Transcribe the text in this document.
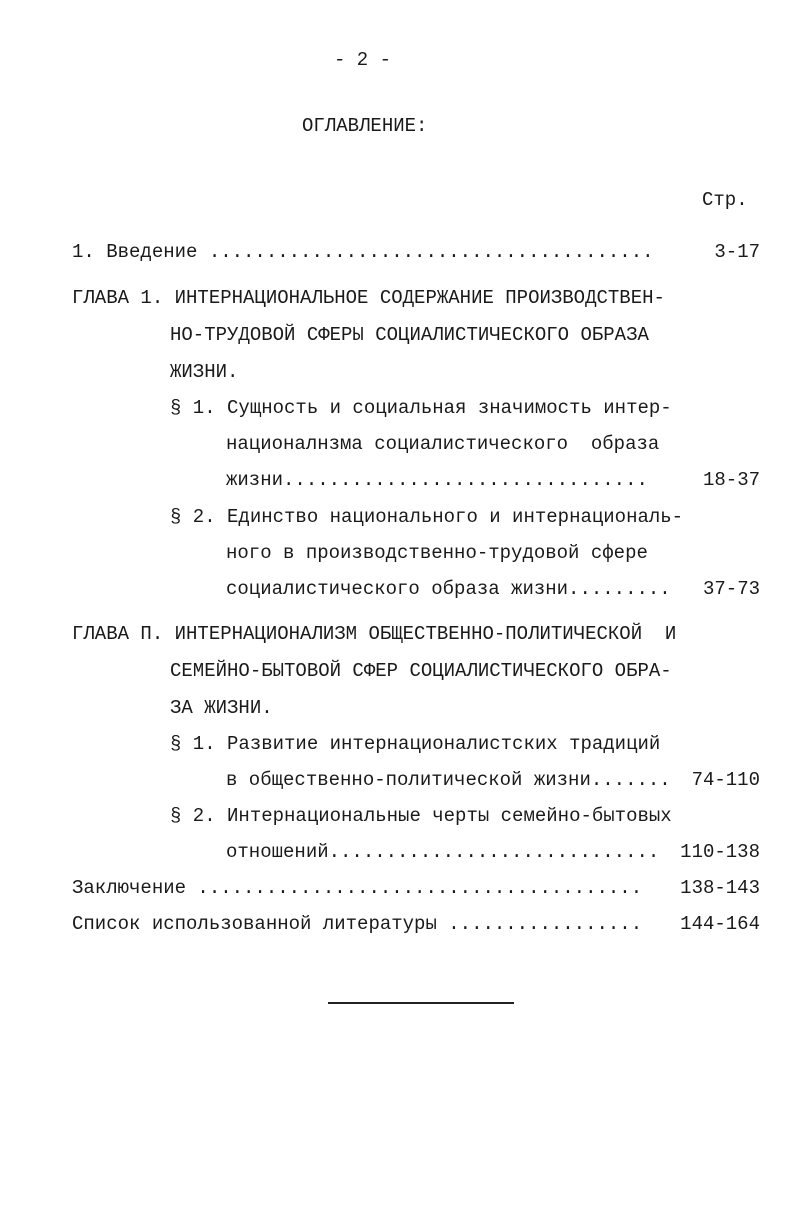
- 2 -
ОГЛАВЛЕНИЕ:
Стр.
1. Введение .......................................	3-17
ГЛАВА 1. ИНТЕРНАЦИОНАЛЬНОЕ СОДЕРЖАНИЕ ПРОИЗВОДСТВЕН-
НО-ТРУДОВОЙ СФЕРЫ СОЦИАЛИСТИЧЕСКОГО ОБРАЗА
ЖИЗНИ.
§ 1. Сущность и социальная значимость интер-
националнзма социалистического  образа
жизни................................	18-37
§ 2. Единство национального и интернациональ-
ного в производственно-трудовой сфере
социалистического образа жизни......... 37-73
ГЛАВА П. ИНТЕРНАЦИОНАЛИЗМ ОБЩЕСТВЕННО-ПОЛИТИЧЕСКОЙ  И
СЕМЕЙНО-БЫТОВОЙ СФЕР СОЦИАЛИСТИЧЕСКОГО ОБРА-
ЗА ЖИЗНИ.
§ 1. Развитие интернационалистских традиций
в общественно-политической жизни....... 74-110
§ 2. Интернациональные черты семейно-бытовых
отношений............................. 110-138
Заключение ....................................... 138-143
Список использованной литературы ................. 144-164
